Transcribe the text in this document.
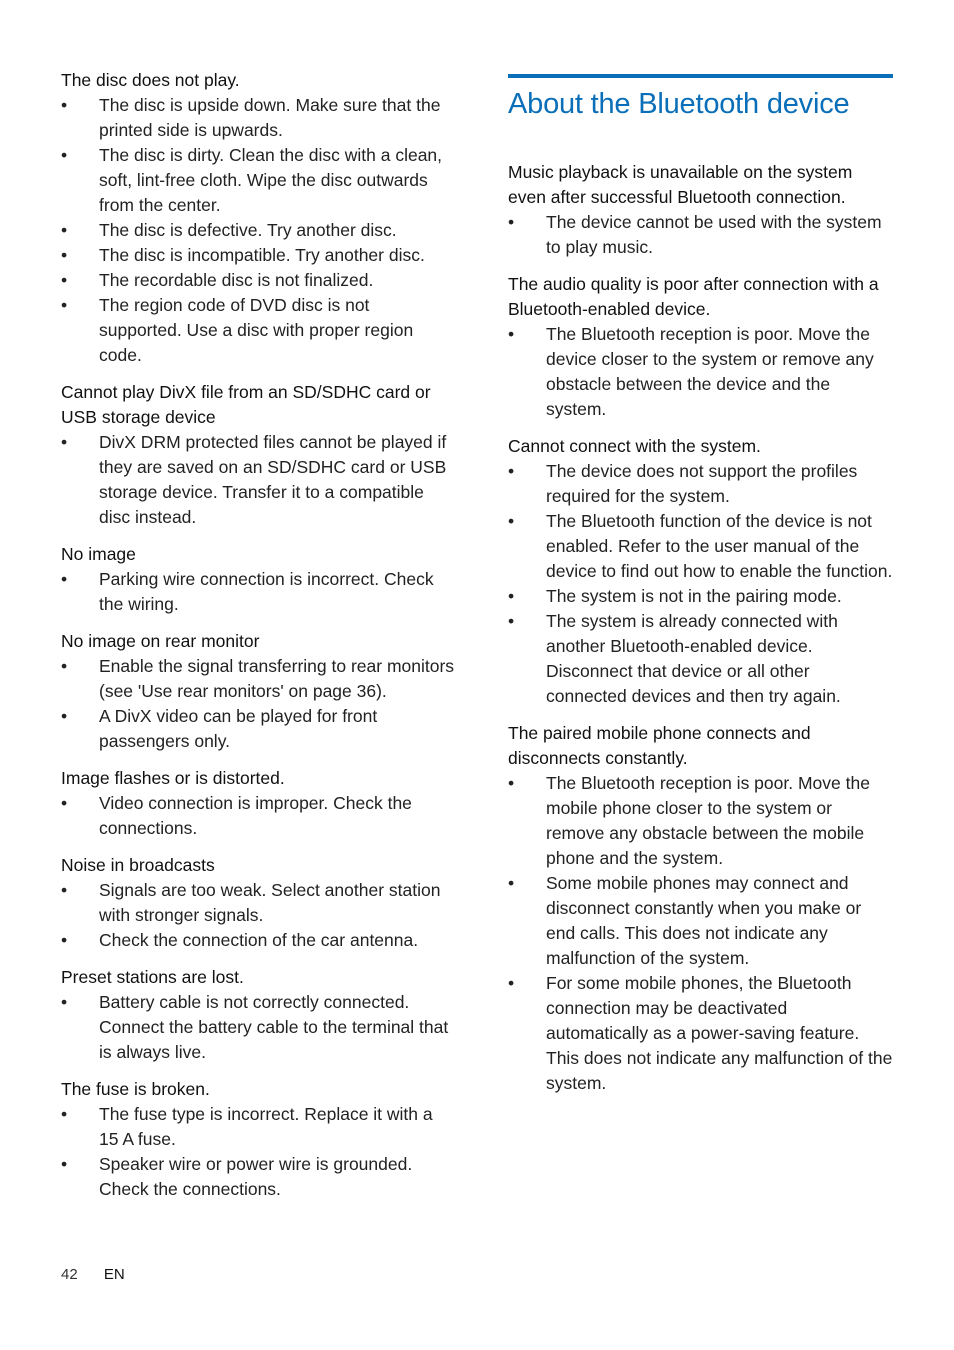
The disc does not play.
• The disc is upside down. Make sure that the printed side is upwards.
• The disc is dirty. Clean the disc with a clean, soft, lint-free cloth. Wipe the disc outwards from the center.
• The disc is defective. Try another disc.
• The disc is incompatible. Try another disc.
• The recordable disc is not finalized.
• The region code of DVD disc is not supported. Use a disc with proper region code.
Cannot play DivX file from an SD/SDHC card or USB storage device
• DivX DRM protected files cannot be played if they are saved on an SD/SDHC card or USB storage device. Transfer it to a compatible disc instead.
No image
• Parking wire connection is incorrect. Check the wiring.
No image on rear monitor
• Enable the signal transferring to rear monitors (see 'Use rear monitors' on page 36).
• A DivX video can be played for front passengers only.
Image flashes or is distorted.
• Video connection is improper. Check the connections.
Noise in broadcasts
• Signals are too weak. Select another station with stronger signals.
• Check the connection of the car antenna.
Preset stations are lost.
• Battery cable is not correctly connected. Connect the battery cable to the terminal that is always live.
The fuse is broken.
• The fuse type is incorrect. Replace it with a 15 A fuse.
• Speaker wire or power wire is grounded. Check the connections.
About the Bluetooth device
Music playback is unavailable on the system even after successful Bluetooth connection.
• The device cannot be used with the system to play music.
The audio quality is poor after connection with a Bluetooth-enabled device.
• The Bluetooth reception is poor. Move the device closer to the system or remove any obstacle between the device and the system.
Cannot connect with the system.
• The device does not support the profiles required for the system.
• The Bluetooth function of the device is not enabled. Refer to the user manual of the device to find out how to enable the function.
• The system is not in the pairing mode.
• The system is already connected with another Bluetooth-enabled device. Disconnect that device or all other connected devices and then try again.
The paired mobile phone connects and disconnects constantly.
• The Bluetooth reception is poor. Move the mobile phone closer to the system or remove any obstacle between the mobile phone and the system.
• Some mobile phones may connect and disconnect constantly when you make or end calls. This does not indicate any malfunction of the system.
• For some mobile phones, the Bluetooth connection may be deactivated automatically as a power-saving feature. This does not indicate any malfunction of the system.
42 EN
